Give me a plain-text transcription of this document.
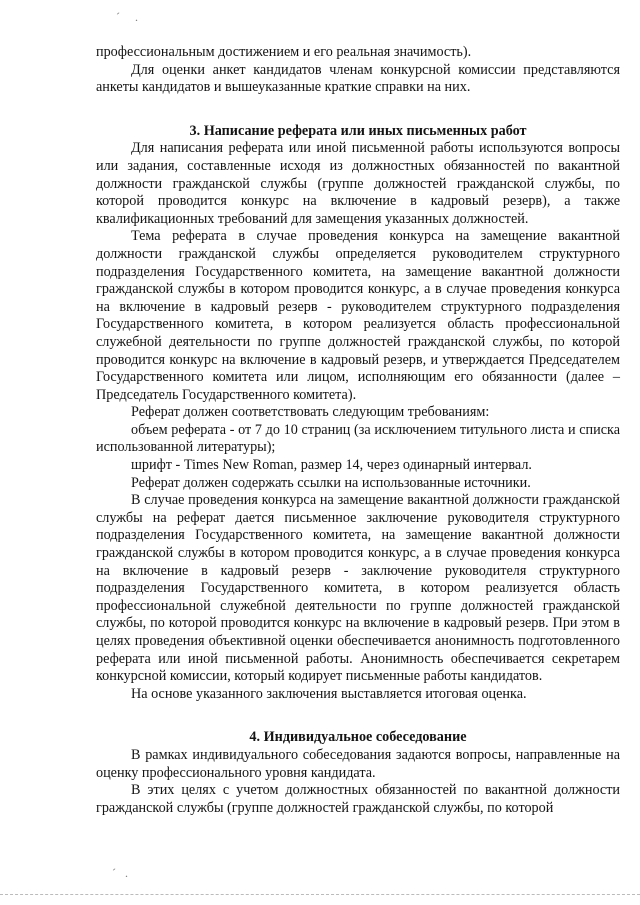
ˊ     .

профессиональным достижением и его реальная значимость).

Для оценки анкет кандидатов членам конкурсной комиссии представляются анкеты кандидатов и вышеуказанные краткие справки на них.

3. Написание реферата или иных письменных работ

Для написания реферата или иной письменной работы используются вопросы или задания, составленные исходя из должностных обязанностей по вакантной должности гражданской службы (группе должностей гражданской службы, по которой проводится конкурс на включение в кадровый резерв), а также квалификационных требований для замещения указанных должностей.

Тема реферата в случае проведения конкурса на замещение вакантной должности гражданской службы определяется руководителем структурного подразделения Государственного комитета, на замещение вакантной должности гражданской службы в котором проводится конкурс, а в случае проведения конкурса на включение в кадровый резерв - руководителем структурного подразделения Государственного комитета, в котором реализуется область профессиональной служебной деятельности по группе должностей гражданской службы, по которой проводится конкурс на включение в кадровый резерв, и утверждается Председателем Государственного комитета или лицом, исполняющим его обязанности (далее – Председатель Государственного комитета).

Реферат должен соответствовать следующим требованиям:

объем реферата - от 7 до 10 страниц (за исключением титульного листа и списка использованной литературы);

шрифт - Times New Roman, размер 14, через одинарный интервал.

Реферат должен содержать ссылки на использованные источники.

В случае проведения конкурса на замещение вакантной должности гражданской службы на реферат дается письменное заключение руководителя структурного подразделения Государственного комитета, на замещение вакантной должности гражданской службы в котором проводится конкурс, а в случае проведения конкурса на включение в кадровый резерв - заключение руководителя структурного подразделения Государственного комитета, в котором реализуется область профессиональной служебной деятельности по группе должностей гражданской службы, по которой проводится конкурс на включение в кадровый резерв. При этом в целях проведения объективной оценки обеспечивается анонимность подготовленного реферата или иной письменной работы. Анонимность обеспечивается секретарем конкурсной комиссии, который кодирует письменные работы кандидатов.

На основе указанного заключения выставляется итоговая оценка.

4. Индивидуальное собеседование

В рамках индивидуального собеседования задаются вопросы, направленные на оценку профессионального уровня кандидата.

В этих целях с учетом должностных обязанностей по вакантной должности гражданской службы (группе должностей гражданской службы, по которой

ˊ   .
